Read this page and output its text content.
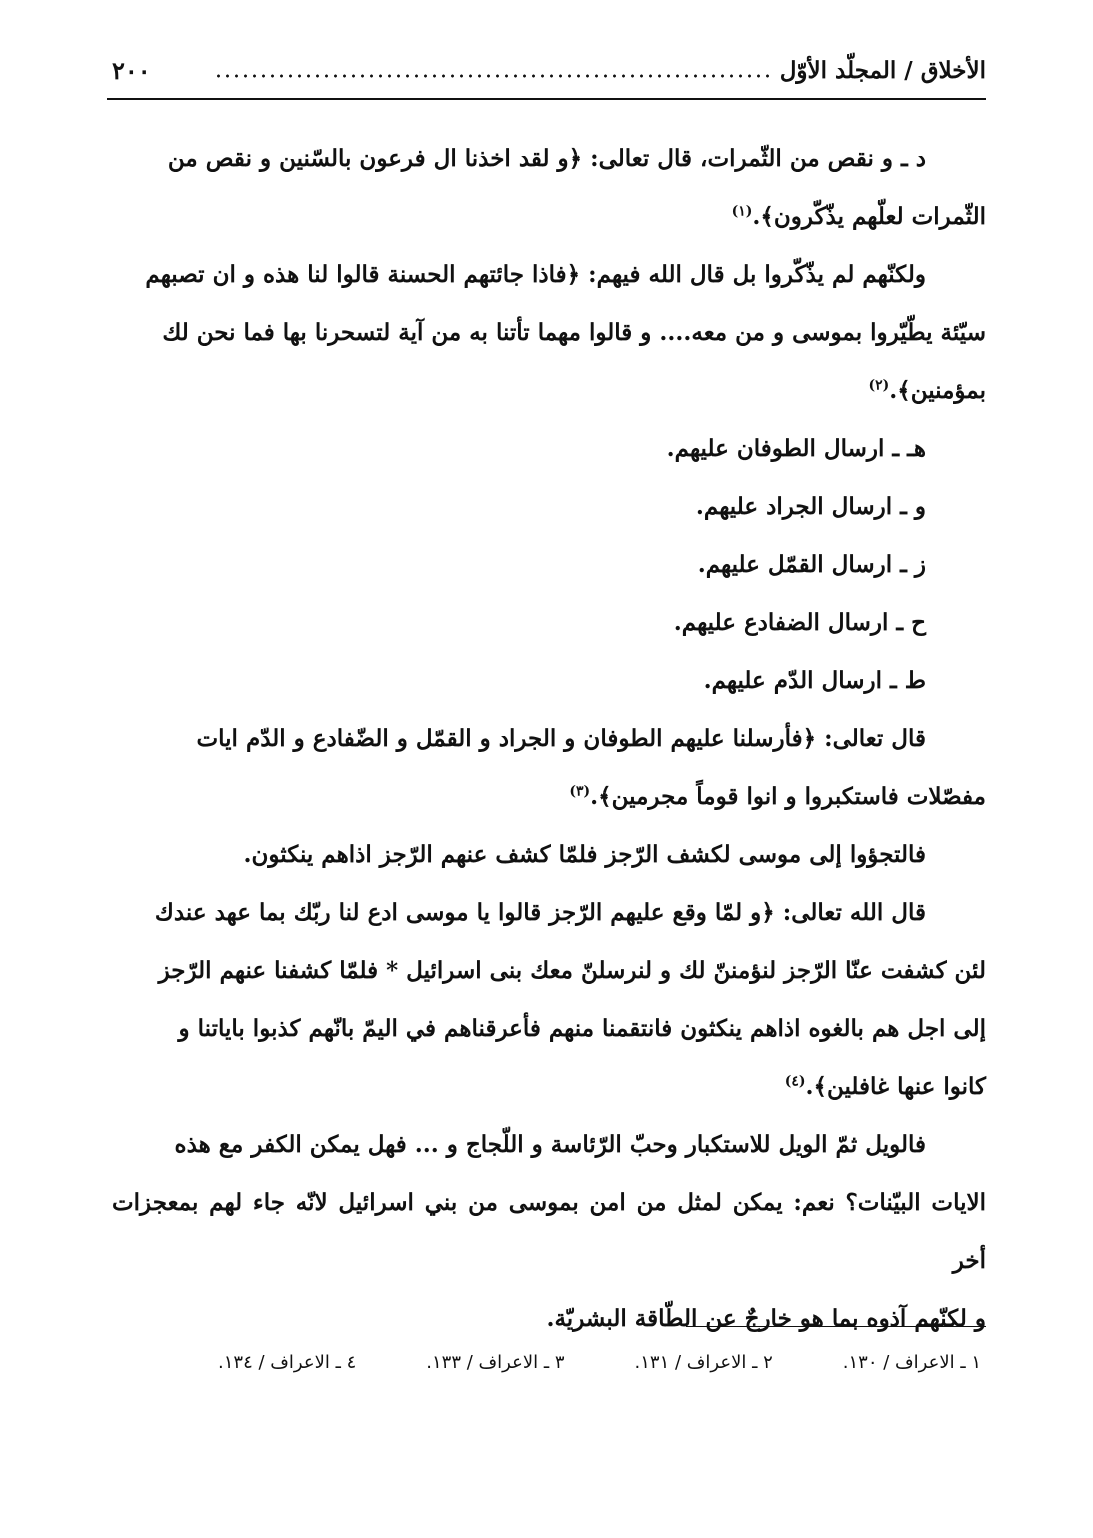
الأخلاق / المجلّد الأوّل
٢٠٠

د ـ و نقص من الثّمرات، قال تعالى: ﴿و لقد اخذنا ال فرعون بالسّنين و نقص من
الثّمرات لعلّهم يذّكّرون﴾.$^{(١)}$

ولكنّهم لم يذّكّروا بل قال الله فيهم: ﴿فاذا جائتهم الحسنة قالوا لنا هذه و ان تصبهم
سيّئة يطّيّروا بموسى و من معه.... و قالوا مهما تأتنا به من آية لتسحرنا بها فما نحن لك
بمؤمنين﴾.$^{(٢)}$

هـ ـ ارسال الطوفان عليهم.
و ـ ارسال الجراد عليهم.
ز ـ ارسال القمّل عليهم.
ح ـ ارسال الضفادع عليهم.
ط ـ ارسال الدّم عليهم.

قال تعالى: ﴿فأرسلنا عليهم الطوفان و الجراد و القمّل و الضّفادع و الدّم ايات
مفصّلات فاستكبروا و انوا قوماً مجرمين﴾.$^{(٣)}$

فالتجؤوا إلى موسى لكشف الرّجز فلمّا كشف عنهم الرّجز اذاهم ينكثون.

قال الله تعالى: ﴿و لمّا وقع عليهم الرّجز قالوا يا موسى ادع لنا ربّك بما عهد عندك
لئن كشفت عنّا الرّجز لنؤمننّ لك و لنرسلنّ معك بنى اسرائيل * فلمّا كشفنا عنهم الرّجز
إلى اجل هم بالغوه اذاهم ينكثون فانتقمنا منهم فأعرقناهم في اليمّ بانّهم كذبوا باياتنا و
كانوا عنها غافلين﴾.$^{(٤)}$

فالويل ثمّ الويل للاستكبار وحبّ الرّئاسة و اللّجاج و ... فهل يمكن الكفر مع هذه
الايات البيّنات؟ نعم: يمكن لمثل من امن بموسى من بني اسرائيل لانّه جاء لهم بمعجزات أخر
و لكنّهم آذوه بما هو خارجٌ عن الطّاقة البشريّة.

١ ـ الاعراف / ١٣٠.
٢ ـ الاعراف / ١٣١.
٣ ـ الاعراف / ١٣٣.
٤ ـ الاعراف / ١٣٤.
